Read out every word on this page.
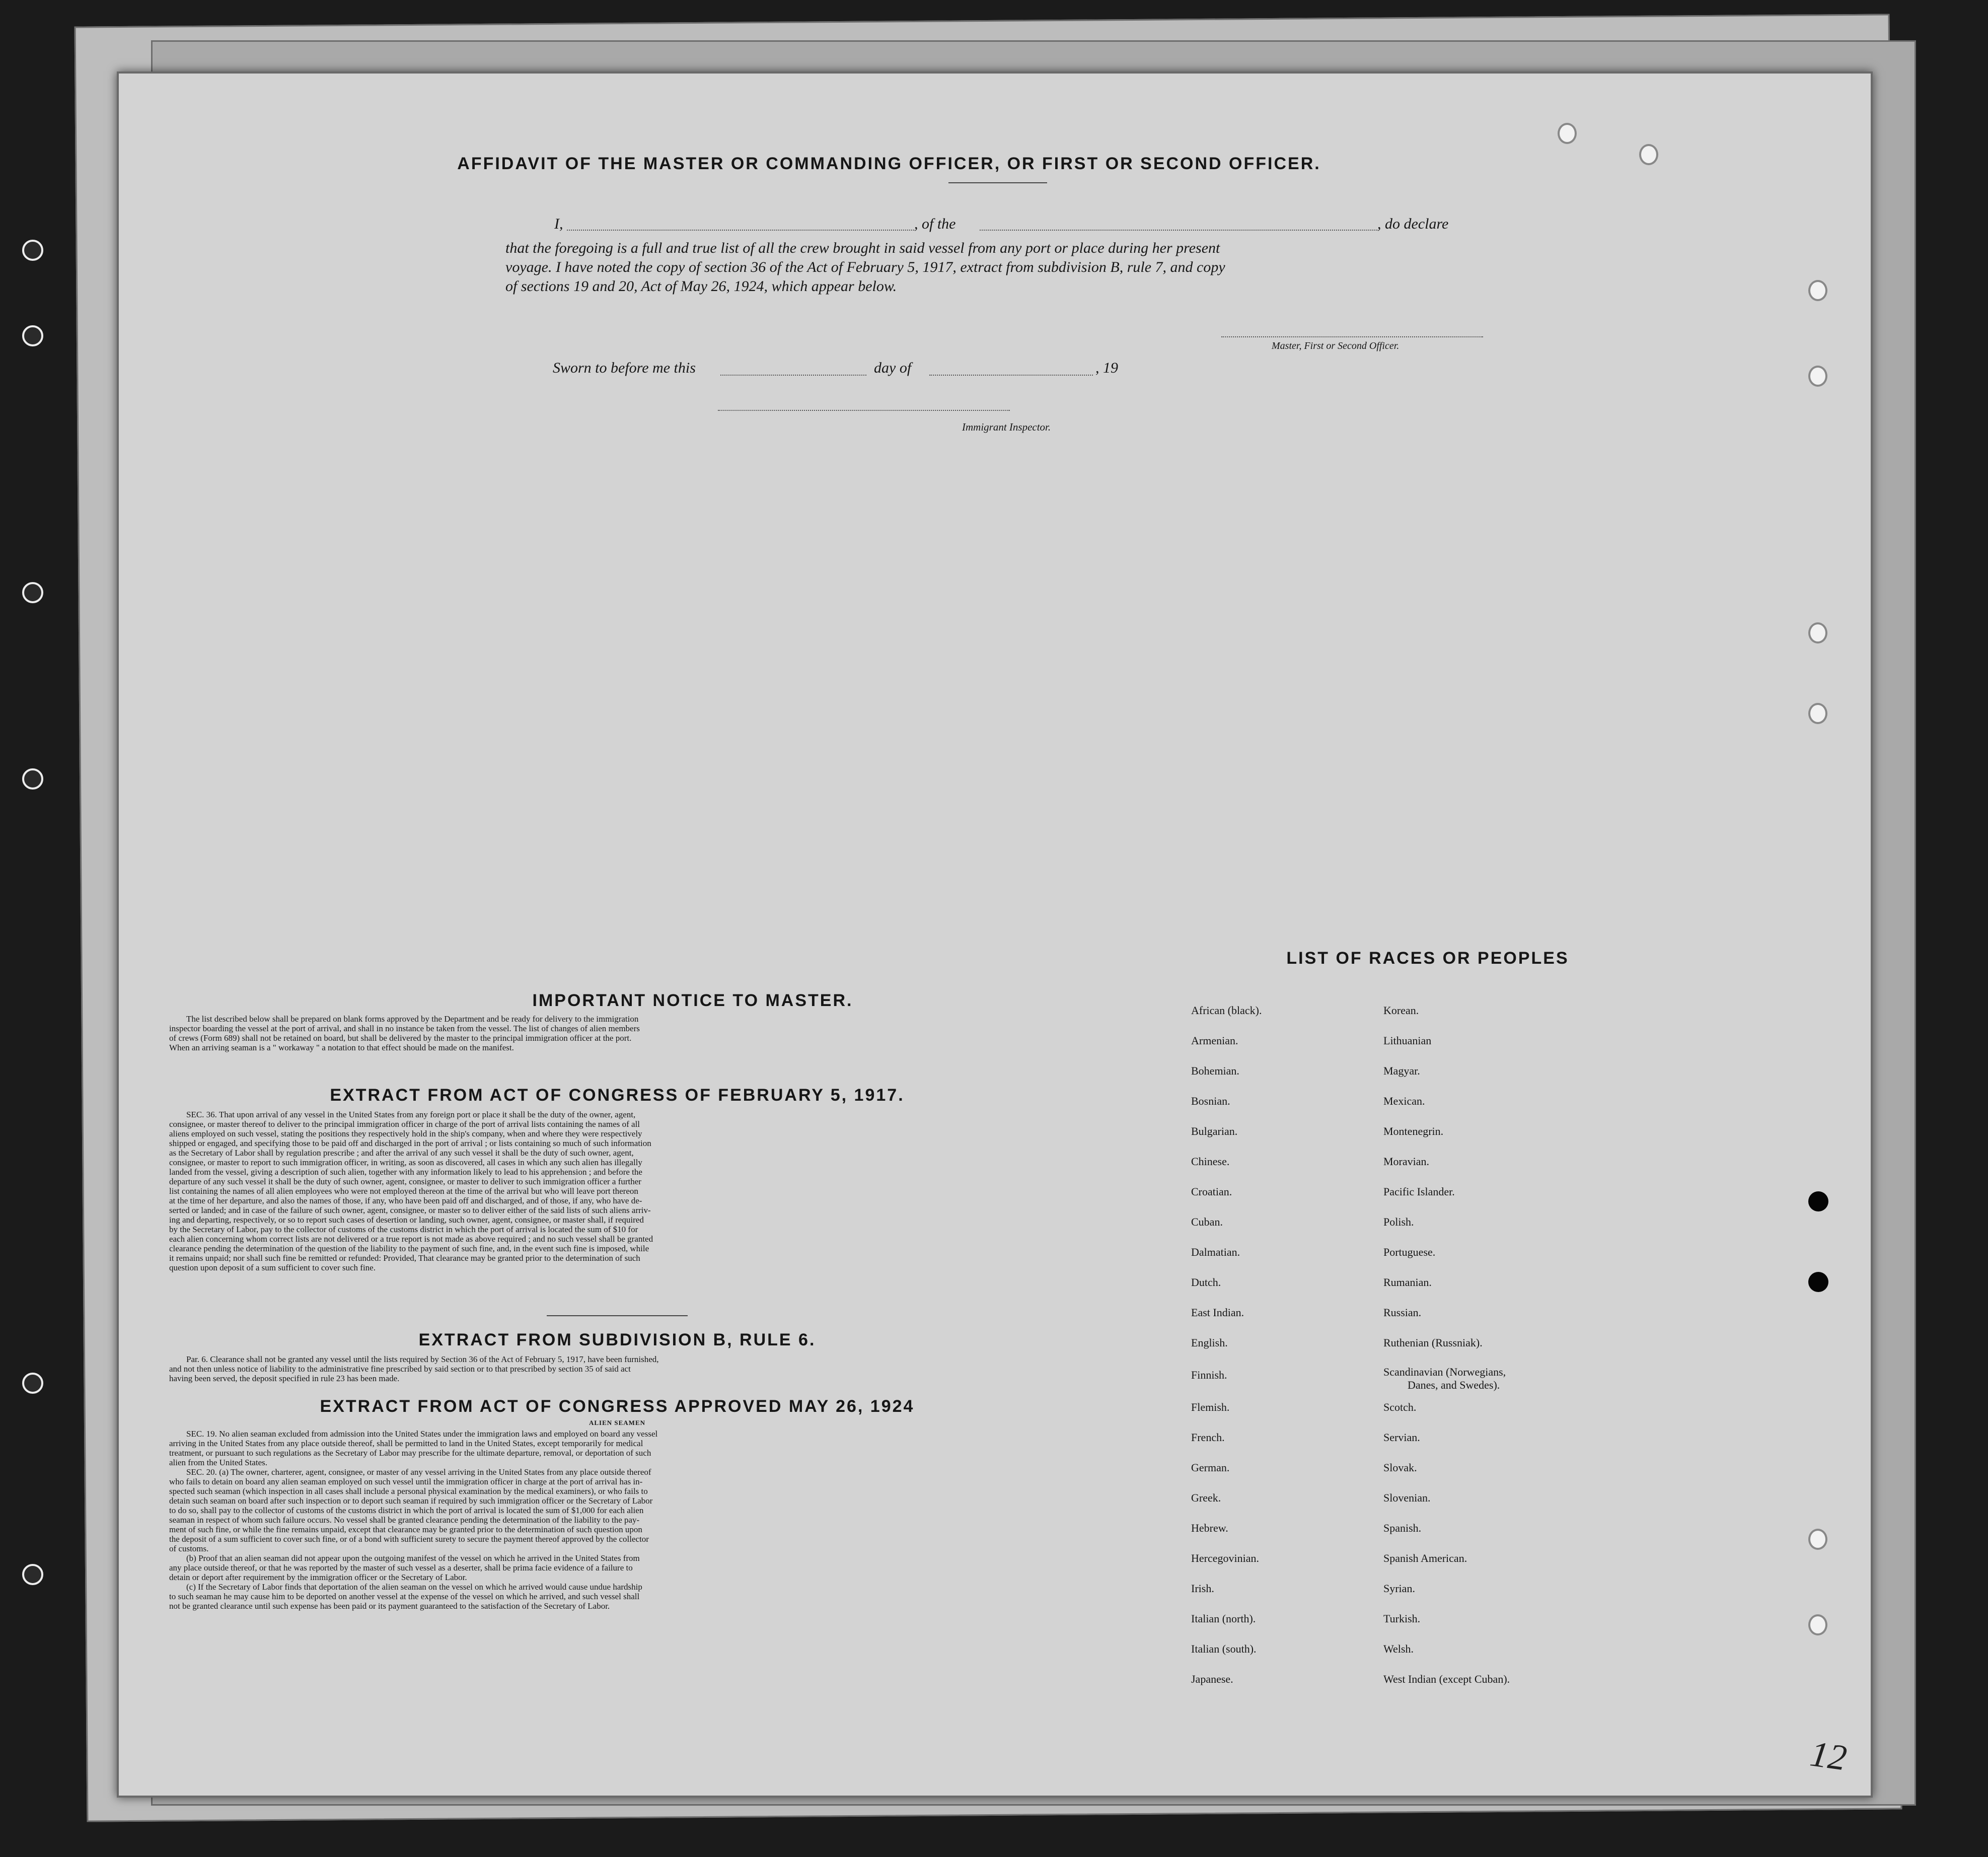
AFFIDAVIT OF THE MASTER OR COMMANDING OFFICER, OR FIRST OR SECOND OFFICER.
I,	, of the	, do declare
that the foregoing is a full and true list of all the crew brought in said vessel from any port or place during her present
voyage. I have noted the copy of section 36 of the Act of February 5, 1917, extract from subdivision B, rule 7, and copy
of sections 19 and 20, Act of May 26, 1924, which appear below.
Master, First or Second Officer.
Sworn to before me this	day of	, 19
Immigrant Inspector.
IMPORTANT NOTICE TO MASTER.
The list described below shall be prepared on blank forms approved by the Department and be ready for delivery to the immigration
inspector boarding the vessel at the port of arrival, and shall in no instance be taken from the vessel. The list of changes of alien members
of crews (Form 689) shall not be retained on board, but shall be delivered by the master to the principal immigration officer at the port.
When an arriving seaman is a " workaway " a notation to that effect should be made on the manifest.
EXTRACT FROM ACT OF CONGRESS OF FEBRUARY 5, 1917.
SEC. 36. That upon arrival of any vessel in the United States from any foreign port or place it shall be the duty of the owner, agent,
consignee, or master thereof to deliver to the principal immigration officer in charge of the port of arrival lists containing the names of all
aliens employed on such vessel, stating the positions they respectively hold in the ship's company, when and where they were respectively
shipped or engaged, and specifying those to be paid off and discharged in the port of arrival ; or lists containing so much of such information
as the Secretary of Labor shall by regulation prescribe ; and after the arrival of any such vessel it shall be the duty of such owner, agent,
consignee, or master to report to such immigration officer, in writing, as soon as discovered, all cases in which any such alien has illegally
landed from the vessel, giving a description of such alien, together with any information likely to lead to his apprehension ; and before the
departure of any such vessel it shall be the duty of such owner, agent, consignee, or master to deliver to such immigration officer a further
list containing the names of all alien employees who were not employed thereon at the time of the arrival but who will leave port thereon
at the time of her departure, and also the names of those, if any, who have been paid off and discharged, and of those, if any, who have de-
serted or landed; and in case of the failure of such owner, agent, consignee, or master so to deliver either of the said lists of such aliens arriv-
ing and departing, respectively, or so to report such cases of desertion or landing, such owner, agent, consignee, or master shall, if required
by the Secretary of Labor, pay to the collector of customs of the customs district in which the port of arrival is located the sum of $10 for
each alien concerning whom correct lists are not delivered or a true report is not made as above required ; and no such vessel shall be granted
clearance pending the determination of the question of the liability to the payment of such fine, and, in the event such fine is imposed, while
it remains unpaid; nor shall such fine be remitted or refunded: Provided, That clearance may be granted prior to the determination of such
question upon deposit of a sum sufficient to cover such fine.
EXTRACT FROM SUBDIVISION B, RULE 6.
Par. 6. Clearance shall not be granted any vessel until the lists required by Section 36 of the Act of February 5, 1917, have been furnished,
and not then unless notice of liability to the administrative fine prescribed by said section or to that prescribed by section 35 of said act
having been served, the deposit specified in rule 23 has been made.
EXTRACT FROM ACT OF CONGRESS APPROVED MAY 26, 1924
ALIEN SEAMEN
SEC. 19. No alien seaman excluded from admission into the United States under the immigration laws and employed on board any vessel
arriving in the United States from any place outside thereof, shall be permitted to land in the United States, except temporarily for medical
treatment, or pursuant to such regulations as the Secretary of Labor may prescribe for the ultimate departure, removal, or deportation of such
alien from the United States.
SEC. 20. (a) The owner, charterer, agent, consignee, or master of any vessel arriving in the United States from any place outside thereof
who fails to detain on board any alien seaman employed on such vessel until the immigration officer in charge at the port of arrival has in-
spected such seaman (which inspection in all cases shall include a personal physical examination by the medical examiners), or who fails to
detain such seaman on board after such inspection or to deport such seaman if required by such immigration officer or the Secretary of Labor
to do so, shall pay to the collector of customs of the customs district in which the port of arrival is located the sum of $1,000 for each alien
seaman in respect of whom such failure occurs. No vessel shall be granted clearance pending the determination of the liability to the pay-
ment of such fine, or while the fine remains unpaid, except that clearance may be granted prior to the determination of such question upon
the deposit of a sum sufficient to cover such fine, or of a bond with sufficient surety to secure the payment thereof approved by the collector
of customs.
(b) Proof that an alien seaman did not appear upon the outgoing manifest of the vessel on which he arrived in the United States from
any place outside thereof, or that he was reported by the master of such vessel as a deserter, shall be prima facie evidence of a failure to
detain or deport after requirement by the immigration officer or the Secretary of Labor.
(c) If the Secretary of Labor finds that deportation of the alien seaman on the vessel on which he arrived would cause undue hardship
to such seaman he may cause him to be deported on another vessel at the expense of the vessel on which he arrived, and such vessel shall
not be granted clearance until such expense has been paid or its payment guaranteed to the satisfaction of the Secretary of Labor.
LIST OF RACES OR PEOPLES
African (black).
Armenian.
Bohemian.
Bosnian.
Bulgarian.
Chinese.
Croatian.
Cuban.
Dalmatian.
Dutch.
East Indian.
English.
Finnish.
Flemish.
French.
German.
Greek.
Hebrew.
Hercegovinian.
Irish.
Italian (north).
Italian (south).
Japanese.
Korean.
Lithuanian
Magyar.
Mexican.
Montenegrin.
Moravian.
Pacific Islander.
Polish.
Portuguese.
Rumanian.
Russian.
Ruthenian (Russniak).
Scandinavian (Norwegians,
Danes, and Swedes).
Scotch.
Servian.
Slovak.
Slovenian.
Spanish.
Spanish American.
Syrian.
Turkish.
Welsh.
West Indian (except Cuban).
12
